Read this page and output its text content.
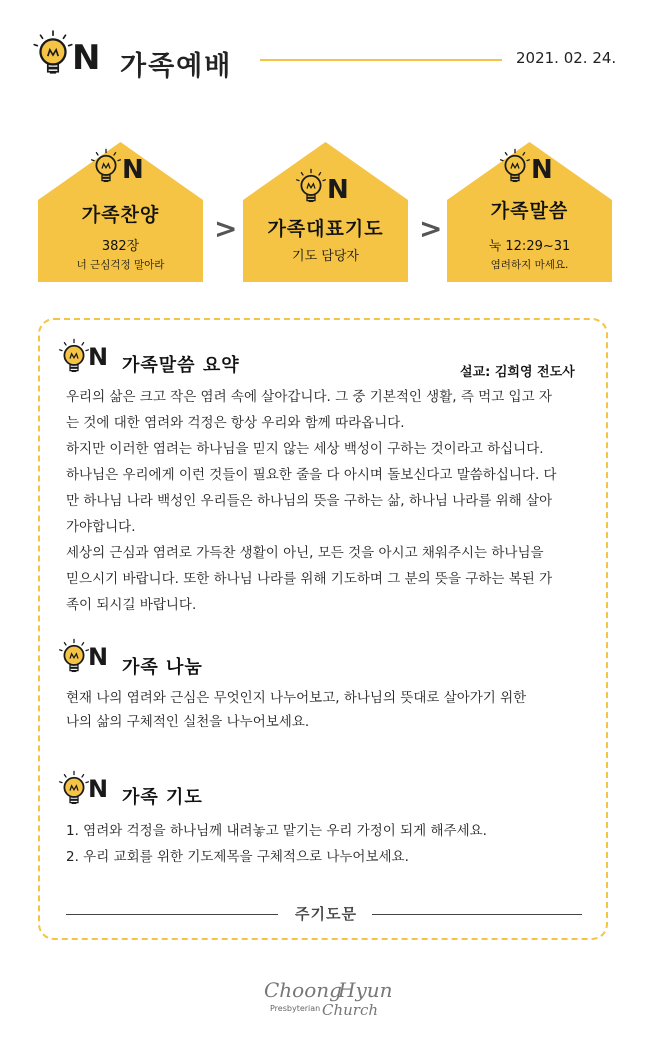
N 가족예배	2021. 02. 24.
N
가족찬양
382장
너 근심걱정 말아라
>
N
가족대표기도
기도 담당자
>
N
가족말씀
눅 12:29~31
염려하지 마세요.
N 가족말씀 요약	설교: 김희영 전도사
우리의 삶은 크고 작은 염려 속에 살아갑니다. 그 중 기본적인 생활, 즉 먹고 입고 자
는 것에 대한 염려와 걱정은 항상 우리와 함께 따라옵니다.
하지만 이러한 염려는 하나님을 믿지 않는 세상 백성이 구하는 것이라고 하십니다.
하나님은 우리에게 이런 것들이 필요한 줄을 다 아시며 돌보신다고 말씀하십니다. 다
만 하나님 나라 백성인 우리들은 하나님의 뜻을 구하는 삶, 하나님 나라를 위해 살아
가야합니다.
세상의 근심과 염려로 가득찬 생활이 아닌, 모든 것을 아시고 채워주시는 하나님을
믿으시기 바랍니다. 또한 하나님 나라를 위해 기도하며 그 분의 뜻을 구하는 복된 가
족이 되시길 바랍니다.
N 가족 나눔
현재 나의 염려와 근심은 무엇인지 나누어보고, 하나님의 뜻대로 살아가기 위한
나의 삶의 구체적인 실천을 나누어보세요.
N 가족 기도
1. 염려와 걱정을 하나님께 내려놓고 맡기는 우리 가정이 되게 해주세요.
2. 우리 교회를 위한 기도제목을 구체적으로 나누어보세요.
주기도문
Choong
Hyun
Presbyterian Church
